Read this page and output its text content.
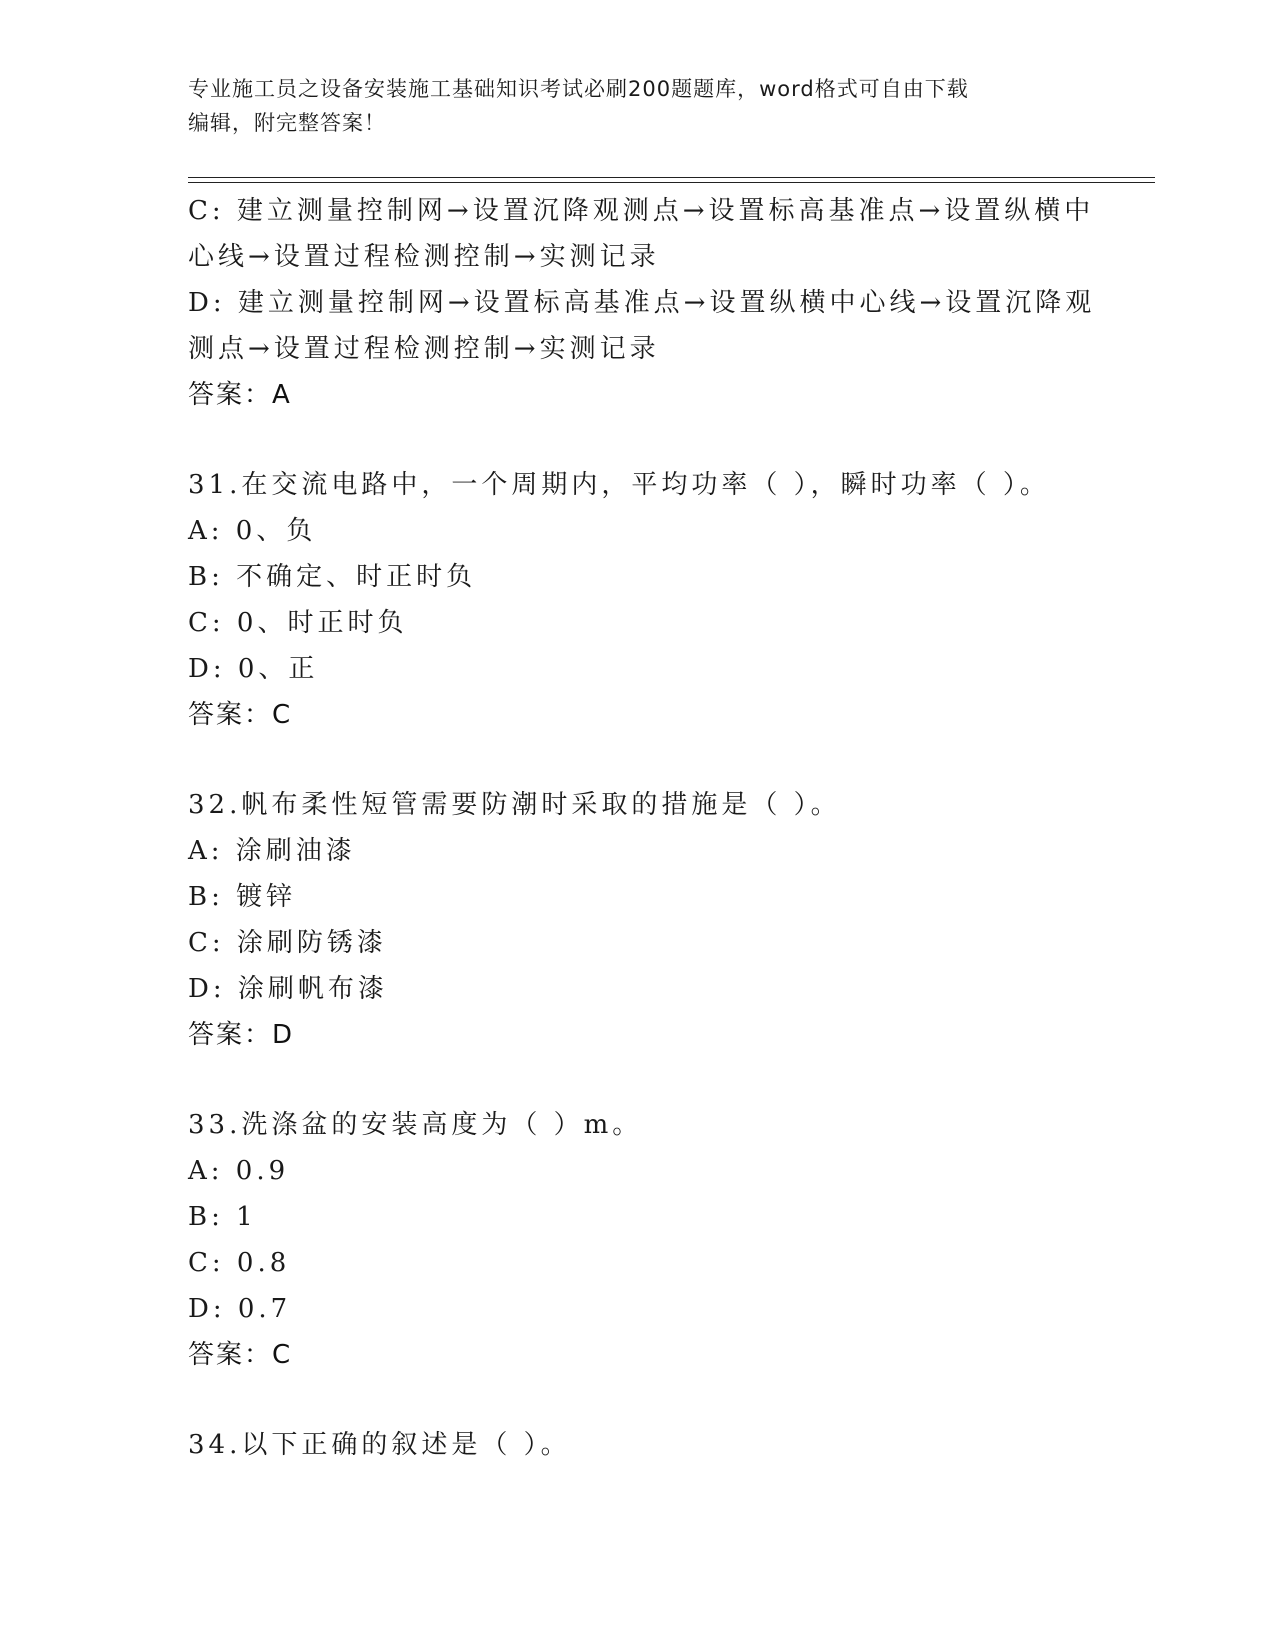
专业施工员之设备安装施工基础知识考试必刷200题题库，word格式可自由下载
编辑，附完整答案！
C: 建立测量控制网→设置沉降观测点→设置标高基准点→设置纵横中
心线→设置过程检测控制→实测记录
D: 建立测量控制网→设置标高基准点→设置纵横中心线→设置沉降观
测点→设置过程检测控制→实测记录
答案：A
31.在交流电路中，一个周期内，平均功率（ ），瞬时功率（ ）。
A: 0、负
B: 不确定、时正时负
C: 0、时正时负
D: 0、正
答案：C
32.帆布柔性短管需要防潮时采取的措施是（ ）。
A: 涂刷油漆
B: 镀锌
C: 涂刷防锈漆
D: 涂刷帆布漆
答案：D
33.洗涤盆的安装高度为（ ）m。
A: 0.9
B: 1
C: 0.8
D: 0.7
答案：C
34.以下正确的叙述是（ ）。
